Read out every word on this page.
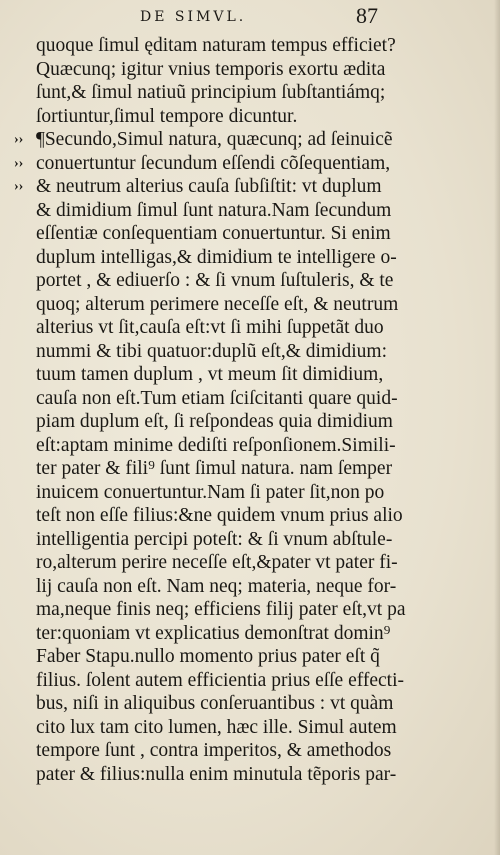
DE SIMVL.	87
quoque ſimul ęditam naturam tempus efficiet?
Quæcunq; igitur vnius temporis exortu ædita
ſunt,& ſimul natiuũ principium ſubſtantiámq;
ſortiuntur,ſimul tempore dicuntur.
›› ¶Secundo,Simul natura, quæcunq; ad ſeinuicẽ
›› conuertuntur ſecundum eſſendi cõſequentiam,
›› & neutrum alterius cauſa ſubſiſtit: vt duplum
& dimidium ſimul ſunt natura.Nam ſecundum
eſſentiæ conſequentiam conuertuntur. Si enim
duplum intelligas,& dimidium te intelligere o-
portet , & ediuerſo : & ſi vnum ſuſtuleris, & te
quoq; alterum perimere neceſſe eſt, & neutrum
alterius vt ſit,cauſa eſt:vt ſi mihi ſuppetãt duo
nummi & tibi quatuor:duplũ eſt,& dimidium:
tuum tamen duplum , vt meum ſit dimidium,
cauſa non eſt.Tum etiam ſciſcitanti quare quid-
piam duplum eſt, ſi reſpondeas quia dimidium
eſt:aptam minime dediſti reſponſionem.Simili-
ter pater & fili⁹ ſunt ſimul natura. nam ſemper
inuicem conuertuntur.Nam ſi pater ſit,non po
teſt non eſſe filius:&ne quidem vnum prius alio
intelligentia percipi poteſt: & ſi vnum abſtule-
ro,alterum perire neceſſe eſt,&pater vt pater fi-
lij cauſa non eſt. Nam neq; materia, neque for-
ma,neque finis neq; efficiens filij pater eſt,vt pa
ter:quoniam vt explicatius demonſtrat domin⁹
Faber Stapu.nullo momento prius pater eſt q̃
filius. ſolent autem efficientia prius eſſe effecti-
bus, niſi in aliquibus conſeruantibus : vt quàm
cito lux tam cito lumen, hæc ille. Simul autem
tempore ſunt , contra imperitos, & amethodos
pater & filius:nulla enim minutula tẽporis par-
